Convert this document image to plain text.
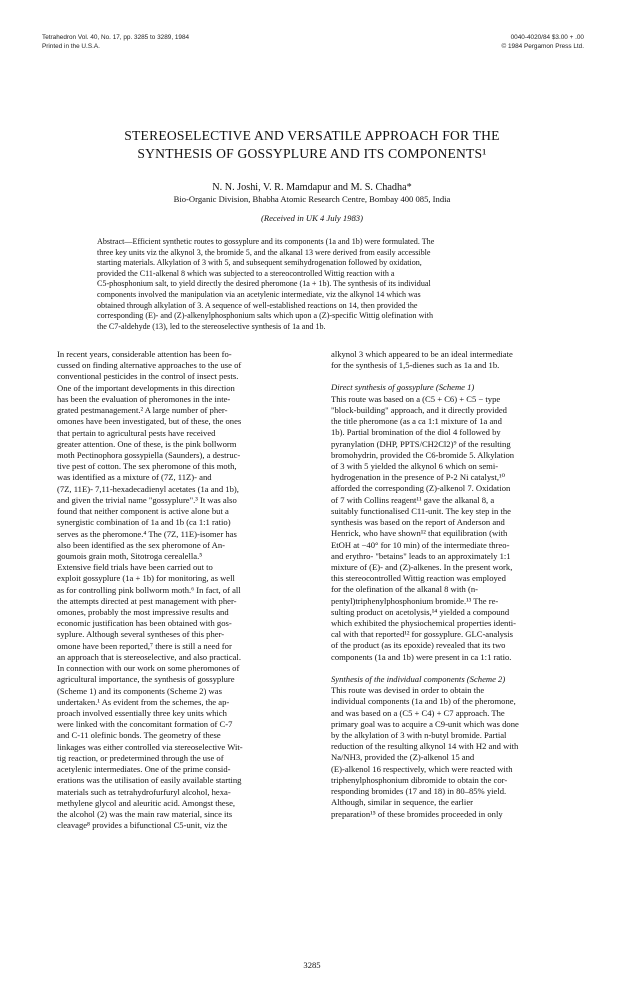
Tetrahedron Vol. 40, No. 17, pp. 3285 to 3289, 1984
Printed in the U.S.A.
0040-4020/84 $3.00 + .00
© 1984 Pergamon Press Ltd.
STEREOSELECTIVE AND VERSATILE APPROACH FOR THE
SYNTHESIS OF GOSSYPLURE AND ITS COMPONENTS¹
N. N. Joshi, V. R. Mamdapur and M. S. Chadha*
Bio-Organic Division, Bhabha Atomic Research Centre, Bombay 400 085, India
(Received in UK 4 July 1983)
Abstract—Efficient synthetic routes to gossyplure and its components (1a and 1b) were formulated. The
three key units viz the alkynol 3, the bromide 5, and the alkanal 13 were derived from easily accessible
starting materials. Alkylation of 3 with 5, and subsequent semihydrogenation followed by oxidation,
provided the C11-alkenal 8 which was subjected to a stereocontrolled Wittig reaction with a
C5-phosphonium salt, to yield directly the desired pheromone (1a + 1b). The synthesis of its individual
components involved the manipulation via an acetylenic intermediate, viz the alkynol 14 which was
obtained through alkylation of 3. A sequence of well-established reactions on 14, then provided the
corresponding (E)- and (Z)-alkenylphosphonium salts which upon a (Z)-specific Wittig olefination with
the C7-aldehyde (13), led to the stereoselective synthesis of 1a and 1b.
In recent years, considerable attention has been fo-
cussed on finding alternative approaches to the use of
conventional pesticides in the control of insect pests.
One of the important developments in this direction
has been the evaluation of pheromones in the inte-
grated pestmanagement.² A large number of pher-
omones have been investigated, but of these, the ones
that pertain to agricultural pests have received
greater attention. One of these, is the pink bollworm
moth Pectinophora gossypiella (Saunders), a destruc-
tive pest of cotton. The sex pheromone of this moth,
was identified as a mixture of (7Z, 11Z)- and
(7Z, 11E)- 7,11-hexadecadienyl acetates (1a and 1b),
and given the trivial name "gossyplure".³ It was also
found that neither component is active alone but a
synergistic combination of 1a and 1b (ca 1:1 ratio)
serves as the pheromone.⁴ The (7Z, 11E)-isomer has
also been identified as the sex pheromone of An-
goumois grain moth, Sitotroga cerealella.⁵
Extensive field trials have been carried out to
exploit gossyplure (1a + 1b) for monitoring, as well
as for controlling pink bollworm moth.⁶ In fact, of all
the attempts directed at pest management with pher-
omones, probably the most impressive results and
economic justification has been obtained with gos-
syplure. Although several syntheses of this pher-
omone have been reported,⁷ there is still a need for
an approach that is stereoselective, and also practical.
In connection with our work on some pheromones of
agricultural importance, the synthesis of gossyplure
(Scheme 1) and its components (Scheme 2) was
undertaken.¹ As evident from the schemes, the ap-
proach involved essentially three key units which
were linked with the concomitant formation of C-7
and C-11 olefinic bonds. The geometry of these
linkages was either controlled via stereoselective Wit-
tig reaction, or predetermined through the use of
acetylenic intermediates. One of the prime consid-
erations was the utilisation of easily available starting
materials such as tetrahydrofurfuryl alcohol, hexa-
methylene glycol and aleuritic acid. Amongst these,
the alcohol (2) was the main raw material, since its
cleavage⁸ provides a bifunctional C5-unit, viz the
alkynol 3 which appeared to be an ideal intermediate
for the synthesis of 1,5-dienes such as 1a and 1b.
Direct synthesis of gossyplure (Scheme 1)
This route was based on a (C5 + C6) + C5 − type
"block-building" approach, and it directly provided
the title pheromone (as a ca 1:1 mixture of 1a and
1b). Partial bromination of the diol 4 followed by
pyranylation (DHP, PPTS/CH2Cl2)⁹ of the resulting
bromohydrin, provided the C6-bromide 5. Alkylation
of 3 with 5 yielded the alkynol 6 which on semi-
hydrogenation in the presence of P-2 Ni catalyst,¹⁰
afforded the corresponding (Z)-alkenol 7. Oxidation
of 7 with Collins reagent¹¹ gave the alkanal 8, a
suitably functionalised C11-unit. The key step in the
synthesis was based on the report of Anderson and
Henrick, who have shown¹² that equilibration (with
EtOH at −40° for 10 min) of the intermediate threo-
and erythro- "betains" leads to an approximately 1:1
mixture of (E)- and (Z)-alkenes. In the present work,
this stereocontrolled Wittig reaction was employed
for the olefination of the alkanal 8 with (n-
pentyl)triphenylphosphonium bromide.¹³ The re-
sulting product on acetolysis,¹⁴ yielded a compound
which exhibited the physiochemical properties identi-
cal with that reported¹² for gossyplure. GLC-analysis
of the product (as its epoxide) revealed that its two
components (1a and 1b) were present in ca 1:1 ratio.
Synthesis of the individual components (Scheme 2)
This route was devised in order to obtain the
individual components (1a and 1b) of the pheromone,
and was based on a (C5 + C4) + C7 approach. The
primary goal was to acquire a C9-unit which was done
by the alkylation of 3 with n-butyl bromide. Partial
reduction of the resulting alkynol 14 with H2 and with
Na/NH3, provided the (Z)-alkenol 15 and
(E)-alkenol 16 respectively, which were reacted with
triphenylphosphonium dibromide to obtain the cor-
responding bromides (17 and 18) in 80–85% yield.
Although, similar in sequence, the earlier
preparation¹⁵ of these bromides proceeded in only
3285
